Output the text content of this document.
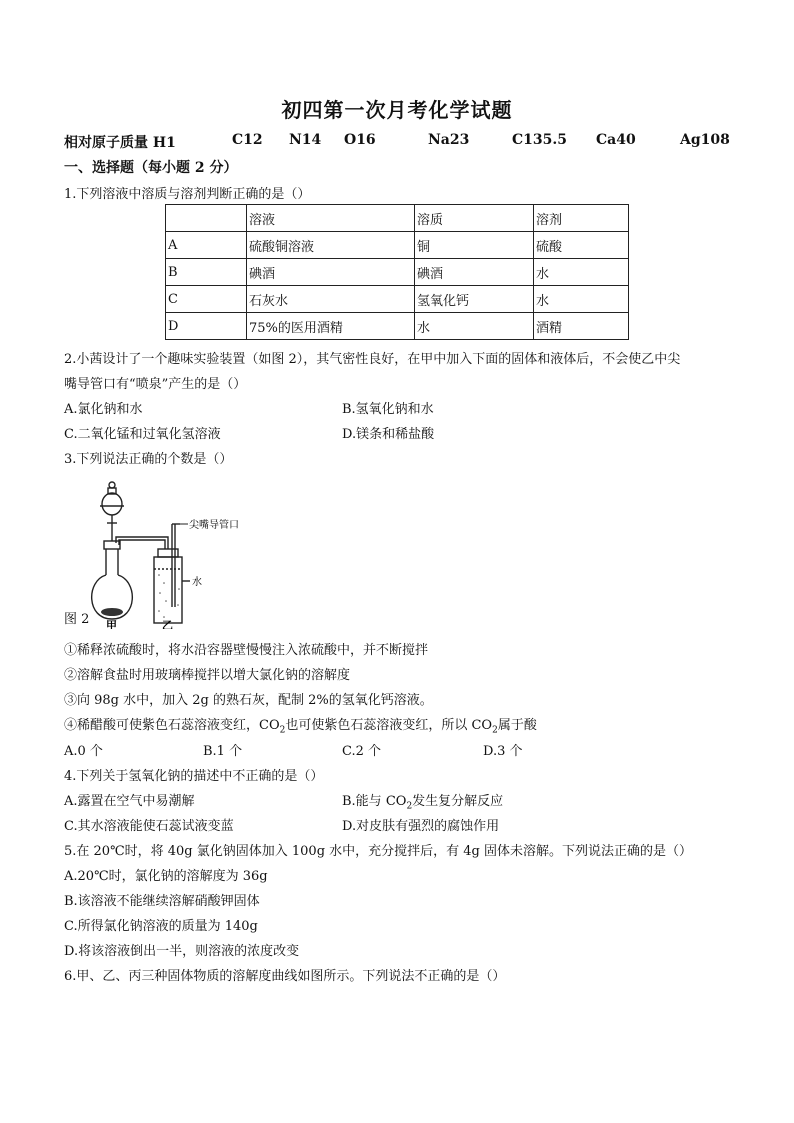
初四第一次月考化学试题
相对原子质量 H1	C12 N14 O16	Na23	C135.5 Ca40	Ag108
一、选择题（每小题 2 分）
1.下列溶液中溶质与溶剂判断正确的是（）
	溶液	溶质	溶剂
A	硫酸铜溶液	铜	硫酸
B	碘酒	碘酒	水
C	石灰水	氢氧化钙	水
D	75%的医用酒精	水	酒精
2.小茜设计了一个趣味实验装置（如图 2），其气密性良好，在甲中加入下面的固体和液体后，不会使乙中尖
嘴导管口有“喷泉”产生的是（）
A.氯化钠和水	B.氢氧化钠和水
C.二氧化锰和过氧化氢溶液	D.镁条和稀盐酸
3.下列说法正确的个数是（）
尖嘴导管口
水
甲	乙
图 2
①稀释浓硫酸时，将水沿容器壁慢慢注入浓硫酸中，并不断搅拌
②溶解食盐时用玻璃棒搅拌以增大氯化钠的溶解度
③向 98g 水中，加入 2g 的熟石灰，配制 2%的氢氧化钙溶液。
④稀醋酸可使紫色石蕊溶液变红，$CO_2$也可使紫色石蕊溶液变红，所以 $CO_2$属于酸
A.0 个	B.1 个	C.2 个	D.3 个
4.下列关于氢氧化钠的描述中不正确的是（）
A.露置在空气中易潮解	B.能与 $CO_2$发生复分解反应
C.其水溶液能使石蕊试液变蓝	D.对皮肤有强烈的腐蚀作用
5.在 20℃时，将 40g 氯化钠固体加入 100g 水中，充分搅拌后，有 4g 固体未溶解。下列说法正确的是（）
A.20℃时，氯化钠的溶解度为 36g
B.该溶液不能继续溶解硝酸钾固体
C.所得氯化钠溶液的质量为 140g
D.将该溶液倒出一半，则溶液的浓度改变
6.甲、乙、丙三种固体物质的溶解度曲线如图所示。下列说法不正确的是（）
